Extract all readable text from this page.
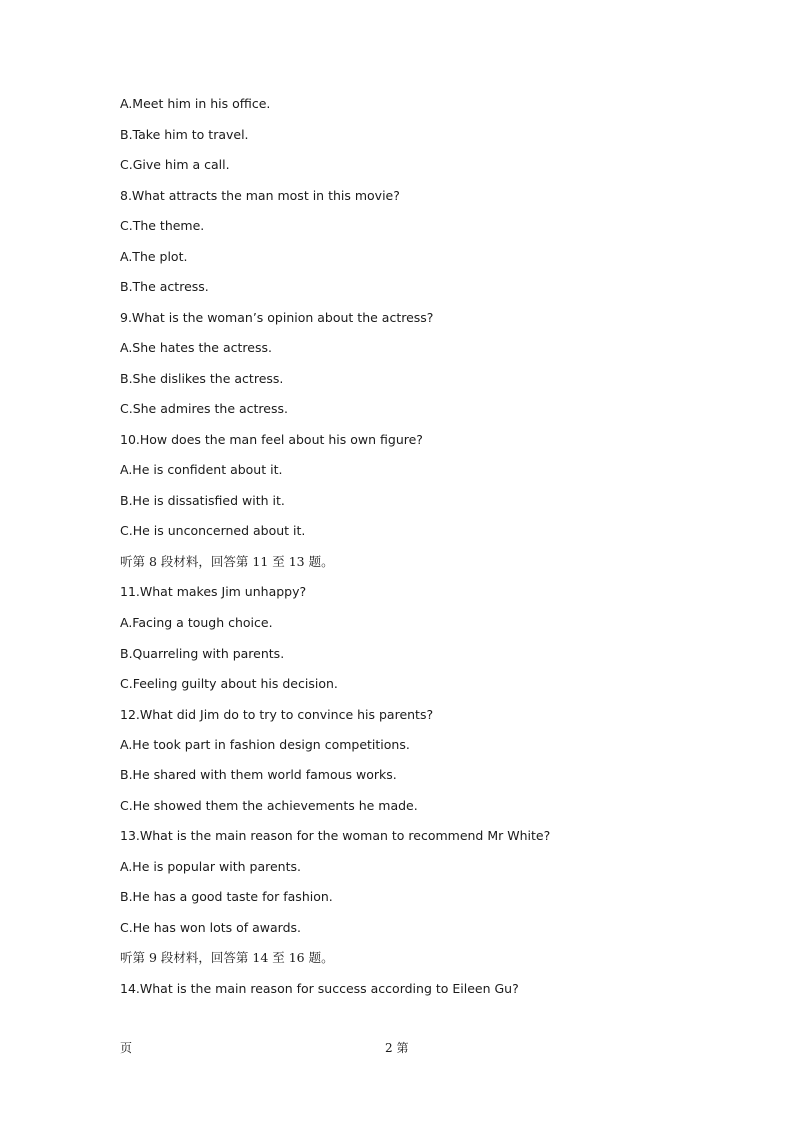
A.Meet him in his office.
B.Take him to travel.
C.Give him a call.
8.What attracts the man most in this movie?
C.The theme.
A.The plot.
B.The actress.
9.What is the woman’s opinion about the actress?
A.She hates the actress.
B.She dislikes the actress.
C.She admires the actress.
10.How does the man feel about his own figure?
A.He is confident about it.
B.He is dissatisfied with it.
C.He is unconcerned about it.
听第 8 段材料，回答第 11 至 13 题。
11.What makes Jim unhappy?
A.Facing a tough choice.
B.Quarreling with parents.
C.Feeling guilty about his decision.
12.What did Jim do to try to convince his parents?
A.He took part in fashion design competitions.
B.He shared with them world famous works.
C.He showed them the achievements he made.
13.What is the main reason for the woman to recommend Mr White?
A.He is popular with parents.
B.He has a good taste for fashion.
C.He has won lots of awards.
听第 9 段材料，回答第 14 至 16 题。
14.What is the main reason for success according to Eileen Gu?
页	2 第
